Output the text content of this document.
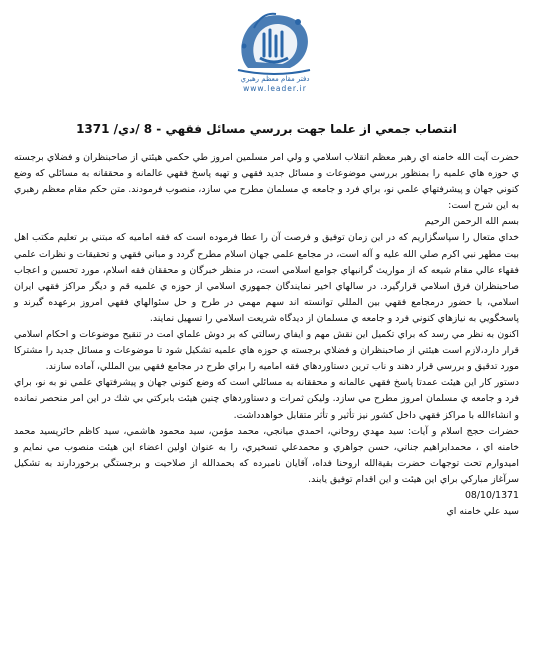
دفتر مقام معظم رهبري
www.leader.ir
انتصاب جمعي از علما جهت بررسي مسائل فقهي - 8 /دي/ 1371

حضرت آيت الله خامنه اي رهبر معظم انقلاب اسلامي و ولي امر مسلمين امروز طي حكمي هيئتي از صاحبنظران و فضلاي برجسته ي حوزه هاي علميه را بمنظور بررسي موضوعات و مسائل جديد فقهي و تهيه پاسخ فقهي عالمانه و محققانه به مسائلي كه وضع كنوني جهان و پيشرفتهاي علمي نو، براي فرد و جامعه ي مسلمان مطرح مي سازد، منصوب فرمودند. متن حكم مقام معظم رهبري به اين شرح است:

بسم الله الرحمن الرحيم

خداي متعال را سپاسگزاريم كه در اين زمان توفيق و فرصت آن را عطا فرموده است كه فقه اماميه كه مبتني بر تعليم مكتب اهل بيت مطهر نبي اكرم صلي الله عليه و آله است، در مجامع علمي جهان اسلام مطرح گردد و مباني فقهي و تحقيقات و نظرات علمي فقهاء عالي مقام شيعه كه از مواريث گرانبهاي جوامع اسلامي است، در منظر خبرگان و محققان فقه اسلام، مورد تحسين و اعجاب صاحبنظران فرق اسلامي قرارگيرد. در سالهاي اخير نمايندگان جمهوري اسلامي از حوزه ي علميه قم و ديگر مراكز فقهي ايران اسلامي، با حضور درمجامع فقهي بين المللي توانسته اند سهم مهمي در طرح و حل سئوالهاي فقهي امروز برعهده گيرند و پاسخگويي به نيازهاي كنوني فرد و جامعه ي مسلمان از ديدگاه شريعت اسلامي را تسهيل نمايند.

اكنون به نظر مي رسد كه براي تكميل اين نقش مهم و ايفاي رسالتي كه بر دوش علماي امت در تنقيح موضوعات و احكام اسلامي قرار دارد،لازم است هيئتي از صاحبنظران و فضلاي برجسته ي حوزه هاي علميه تشكيل شود تا موضوعات و مسائل جديد را مشتركا مورد تدقيق و بررسي قرار دهند و ناب ترين دستاوردهاي فقه اماميه را براي طرح در مجامع فقهي بين المللي، آماده سازند.

دستور كار اين هيئت عمدتا پاسخ فقهي عالمانه و محققانه به مسائلي است كه وضع كنوني جهان و پيشرفتهاي علمي نو به نو، براي فرد و جامعه ي مسلمان امروز مطرح مي سازد. وليكن ثمرات و دستاوردهاي چنين هيئت بابركتي بي شك در اين امر منحصر نمانده و انشاءالله با مراكز فقهي داخل كشور نيز تأثير و تأثر متقابل خواهدداشت.

حضرات حجج اسلام و آيات: سيد مهدي روحاني، احمدي ميانجي، محمد مؤمن، سيد محمود هاشمي، سيد كاظم حائريسيد محمد خامنه اي ، محمدابراهيم جناتي، حسن جواهري و محمدعلي تسخيري، را به عنوان اولين اعضاء اين هيئت منصوب مي نمايم و اميدوارم تحت توجهات حضرت بقيةالله اروحنا فداه، آقايان نامبرده كه بحمدالله از صلاحيت و برجستگي برخوردارند به تشكيل سرآغاز مباركي براي اين هيئت و اين اقدام توفيق يابند.

08/10/1371

سيد علي خامنه اي
